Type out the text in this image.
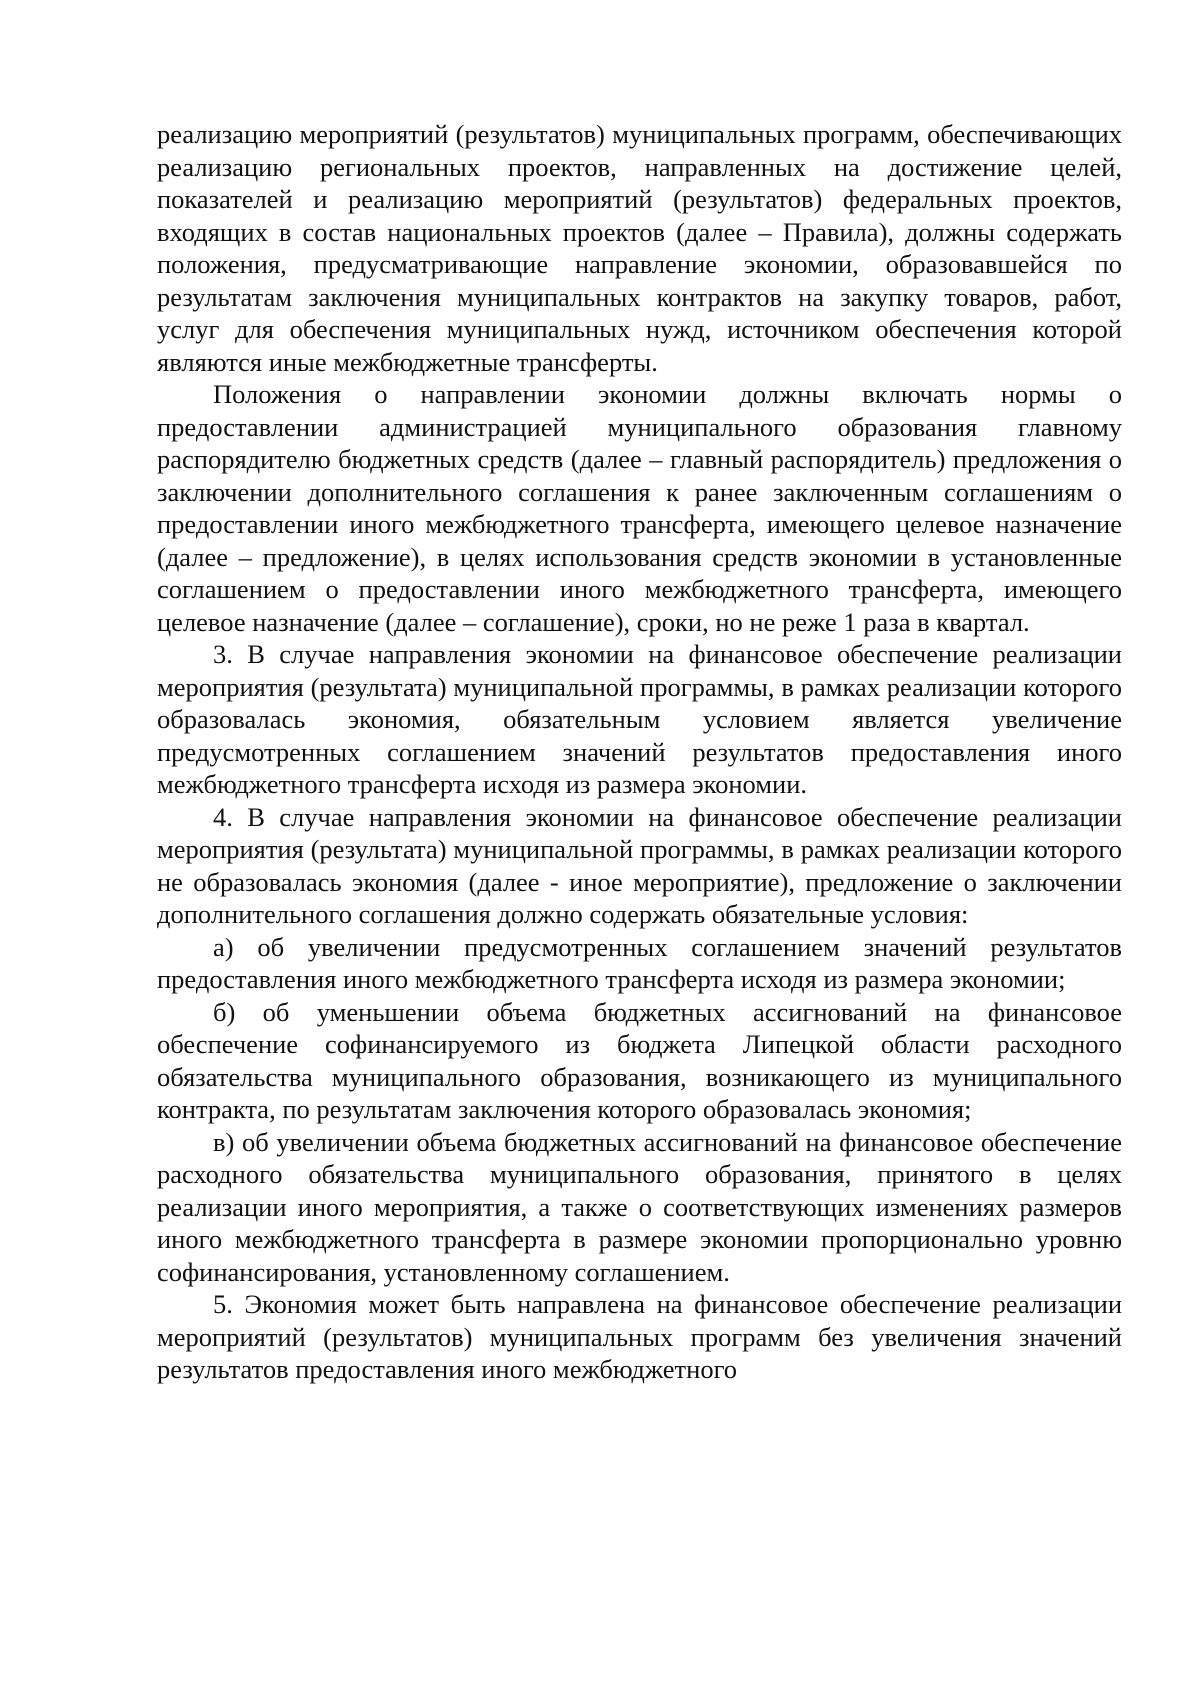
реализацию мероприятий (результатов) муниципальных программ, обеспечивающих реализацию региональных проектов, направленных на достижение целей, показателей и реализацию мероприятий (результатов) федеральных проектов, входящих в состав национальных проектов (далее – Правила), должны содержать положения, предусматривающие направление экономии, образовавшейся по результатам заключения муниципальных контрактов на закупку товаров, работ, услуг для обеспечения муниципальных нужд, источником обеспечения которой являются иные межбюджетные трансферты.

Положения о направлении экономии должны включать нормы о предоставлении администрацией муниципального образования главному распорядителю бюджетных средств (далее – главный распорядитель) предложения о заключении дополнительного соглашения к ранее заключенным соглашениям о предоставлении иного межбюджетного трансферта, имеющего целевое назначение (далее – предложение), в целях использования средств экономии в установленные соглашением о предоставлении иного межбюджетного трансферта, имеющего целевое назначение (далее – соглашение), сроки, но не реже 1 раза в квартал.

3. В случае направления экономии на финансовое обеспечение реализации мероприятия (результата) муниципальной программы, в рамках реализации которого образовалась экономия, обязательным условием является увеличение предусмотренных соглашением значений результатов предоставления иного межбюджетного трансферта исходя из размера экономии.

4. В случае направления экономии на финансовое обеспечение реализации мероприятия (результата) муниципальной программы, в рамках реализации которого не образовалась экономия (далее - иное мероприятие), предложение о заключении дополнительного соглашения должно содержать обязательные условия:

а) об увеличении предусмотренных соглашением значений результатов предоставления иного межбюджетного трансферта исходя из размера экономии;

б) об уменьшении объема бюджетных ассигнований на финансовое обеспечение софинансируемого из бюджета Липецкой области расходного обязательства муниципального образования, возникающего из муниципального контракта, по результатам заключения которого образовалась экономия;

в) об увеличении объема бюджетных ассигнований на финансовое обеспечение расходного обязательства муниципального образования, принятого в целях реализации иного мероприятия, а также о соответствующих изменениях размеров иного межбюджетного трансферта в размере экономии пропорционально уровню софинансирования, установленному соглашением.

5. Экономия может быть направлена на финансовое обеспечение реализации мероприятий (результатов) муниципальных программ без увеличения значений результатов предоставления иного межбюджетного
